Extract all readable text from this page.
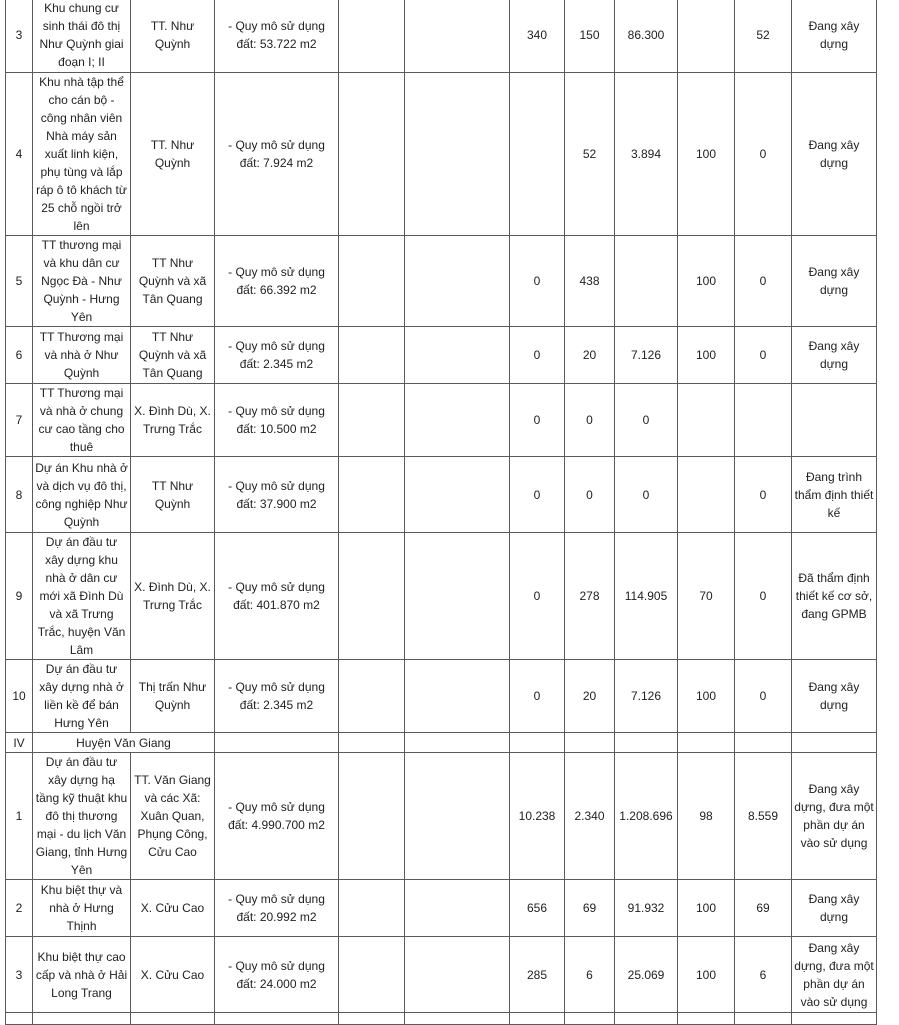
3	Khu chung cư sinh thái đô thị Như Quỳnh giai đoạn I; II	TT. Như Quỳnh	- Quy mô sử dụng đất: 53.722 m2			340	150	86.300		52	Đang xây dựng
4	Khu nhà tập thể cho cán bộ - công nhân viên Nhà máy sản xuất linh kiện, phụ tùng và lắp ráp ô tô khách từ 25 chỗ ngồi trở lên	TT. Như Quỳnh	- Quy mô sử dụng đất: 7.924 m2				52	3.894	100	0	Đang xây dựng
5	TT thương mại và khu dân cư Ngọc Đà - Như Quỳnh - Hưng Yên	TT Như Quỳnh và xã Tân Quang	- Quy mô sử dụng đất: 66.392 m2			0	438		100	0	Đang xây dựng
6	TT Thương mại và nhà ở Như Quỳnh	TT Như Quỳnh và xã Tân Quang	- Quy mô sử dụng đất: 2.345 m2			0	20	7.126	100	0	Đang xây dựng
7	TT Thương mại và nhà ở chung cư cao tầng cho thuê	X. Đình Dù, X. Trưng Trắc	- Quy mô sử dụng đất: 10.500 m2			0	0	0			
8	Dự án Khu nhà ở và dịch vụ đô thị, công nghiệp Như Quỳnh	TT Như Quỳnh	- Quy mô sử dụng đất: 37.900 m2			0	0	0		0	Đang trình thẩm định thiết kế
9	Dự án đầu tư xây dựng khu nhà ở dân cư mới xã Đình Dù và xã Trưng Trắc, huyện Văn Lâm	X. Đình Dù, X. Trưng Trắc	- Quy mô sử dụng đất: 401.870 m2			0	278	114.905	70	0	Đã thẩm định thiết kế cơ sở, đang GPMB
10	Dự án đầu tư xây dựng nhà ở liền kề để bán Hưng Yên	Thị trấn Như Quỳnh	- Quy mô sử dụng đất: 2.345 m2			0	20	7.126	100	0	Đang xây dựng
IV	Huyện Văn Giang										
1	Dự án đầu tư xây dựng hạ tầng kỹ thuật khu đô thị thương mại - du lịch Văn Giang, tỉnh Hưng Yên	TT. Văn Giang và các Xã: Xuân Quan, Phụng Công, Cửu Cao	- Quy mô sử dụng đất: 4.990.700 m2			10.238	2.340	1.208.696	98	8.559	Đang xây dựng, đưa một phần dự án vào sử dụng
2	Khu biệt thự và nhà ở Hưng Thịnh	X. Cửu Cao	- Quy mô sử dụng đất: 20.992 m2			656	69	91.932	100	69	Đang xây dựng
3	Khu biệt thự cao cấp và nhà ở Hải Long Trang	X. Cửu Cao	- Quy mô sử dụng đất: 24.000 m2			285	6	25.069	100	6	Đang xây dựng, đưa một phần dự án vào sử dụng
